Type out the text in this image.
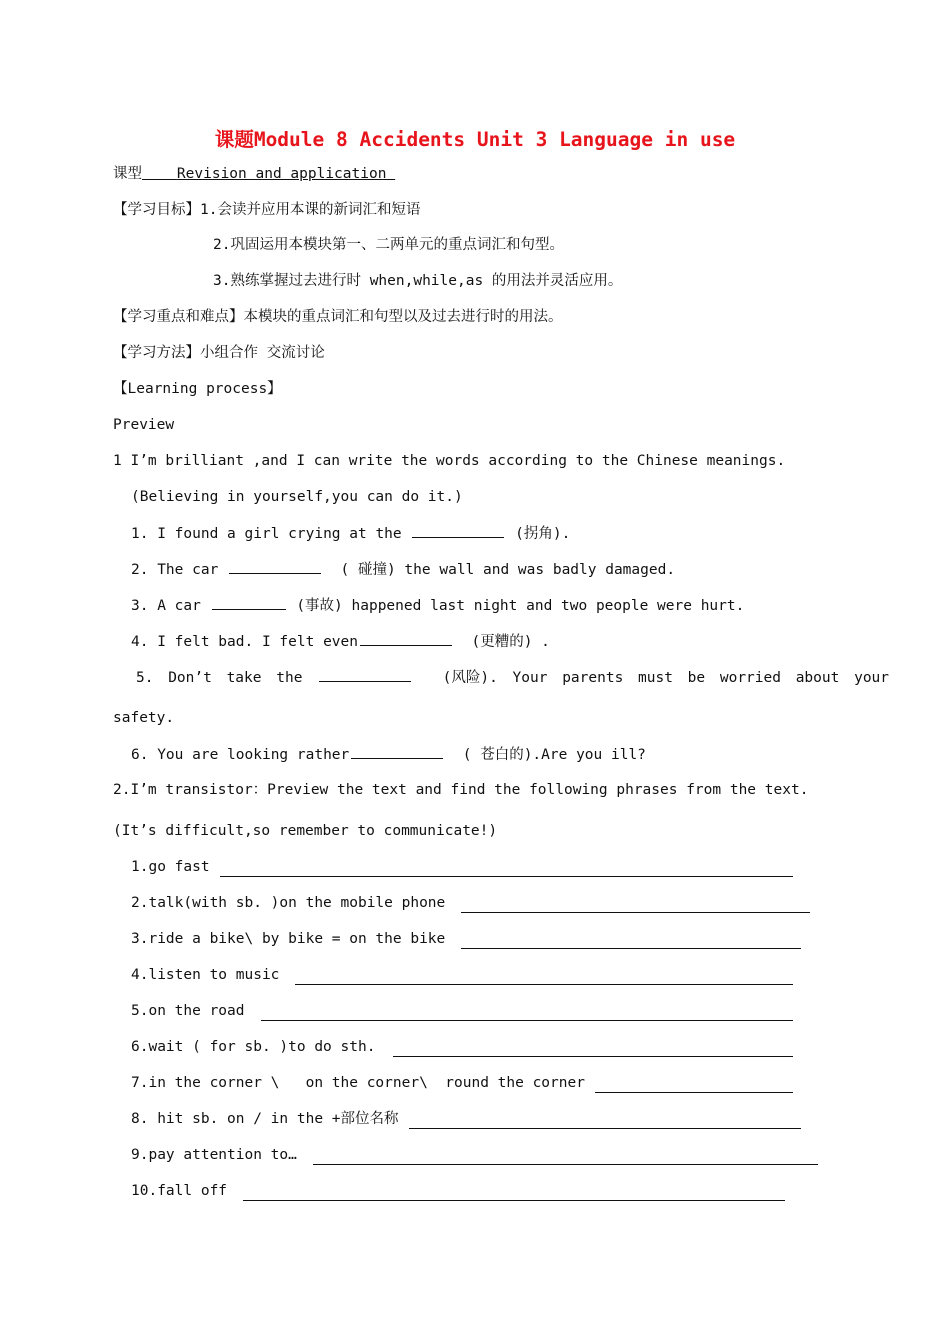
课题Module 8 Accidents Unit 3 Language in use
课型 Revision and application
【学习目标】1.会读并应用本课的新词汇和短语
2.巩固运用本模块第一、二两单元的重点词汇和句型。
3.熟练掌握过去进行时 when,while,as 的用法并灵活应用。
【学习重点和难点】本模块的重点词汇和句型以及过去进行时的用法。
【学习方法】小组合作 交流讨论
【Learning process】
Preview
1 I’m brilliant ,and I can write the words according to the Chinese meanings.
(Believing in yourself,you can do it.)
1. I found a girl crying at the	(拐角).
2. The car	( 碰撞) the wall and was badly damaged.
3. A car	(事故) happened last night and two people were hurt.
4. I felt bad. I felt even	(更糟的) .
5. Don’t take the	(风险). Your parents must be worried about your
safety.
6. You are looking rather	( 苍白的).Are you ill?
2.I’m transistor：Preview the text and find the following phrases from the text.
(It’s difficult,so remember to communicate!)
1.go fast
2.talk(with sb. )on the mobile phone
3.ride a bike\ by bike = on the bike
4.listen to music
5.on the road
6.wait ( for sb. )to do sth.
7.in the corner \   on the corner\  round the corner
8. hit sb. on / in the +部位名称
9.pay attention to…
10.fall off
